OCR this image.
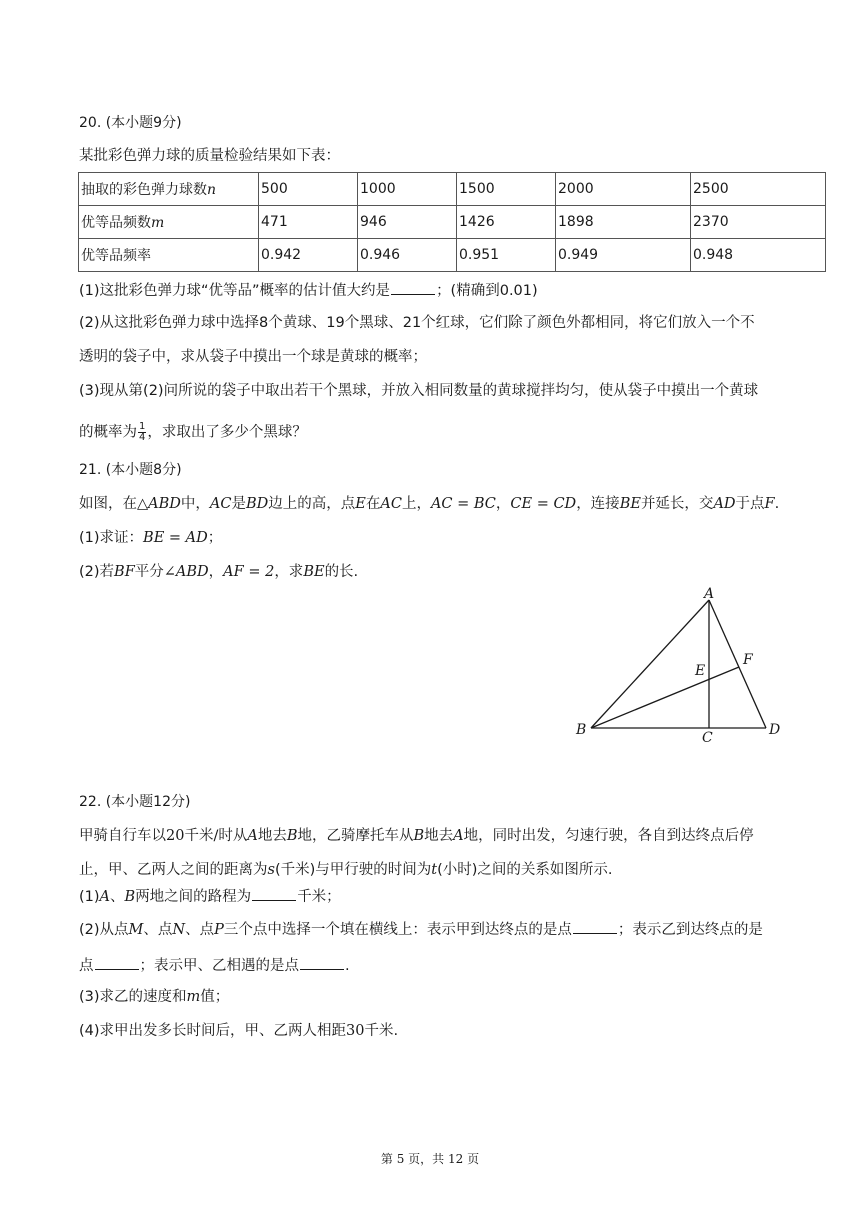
20. (本小题9分)
某批彩色弹力球的质量检验结果如下表：
抽取的彩色弹力球数n	500	1000	1500	2000	2500
优等品频数m	471	946	1426	1898	2370
优等品频率	0.942	0.946	0.951	0.949	0.948
(1)这批彩色弹力球“优等品”概率的估计值大约是	；(精确到0.01)
(2)从这批彩色弹力球中选择8个黄球、19个黑球、21个红球，它们除了颜色外都相同，将它们放入一个不
透明的袋子中，求从袋子中摸出一个球是黄球的概率；
(3)现从第(2)问所说的袋子中取出若干个黑球，并放入相同数量的黄球搅拌均匀，使从袋子中摸出一个黄球
的概率为 $\frac{1}{4}$ ，求取出了多少个黑球？
21. (本小题8分)
如图，在△ABD中，AC是BD边上的高，点E在AC上，AC = BC，CE = CD，连接BE并延长，交AD于点F.
(1)求证：BE = AD；
(2)若BF平分∠ABD，AF = 2，求BE的长.
A
B	C	D
E
F
22. (本小题12分)
甲骑自行车以20千米/时从A地去B地，乙骑摩托车从B地去A地，同时出发，匀速行驶，各自到达终点后停
止，甲、乙两人之间的距离为s(千米)与甲行驶的时间为t(小时)之间的关系如图所示.
(1)A、B两地之间的路程为	千米；
(2)从点M、点N、点P三个点中选择一个填在横线上：表示甲到达终点的是点	；表示乙到达终点的是
点	；表示甲、乙相遇的是点	.
(3)求乙的速度和m值；
(4)求甲出发多长时间后，甲、乙两人相距30千米.
第 5 页，共 12 页
